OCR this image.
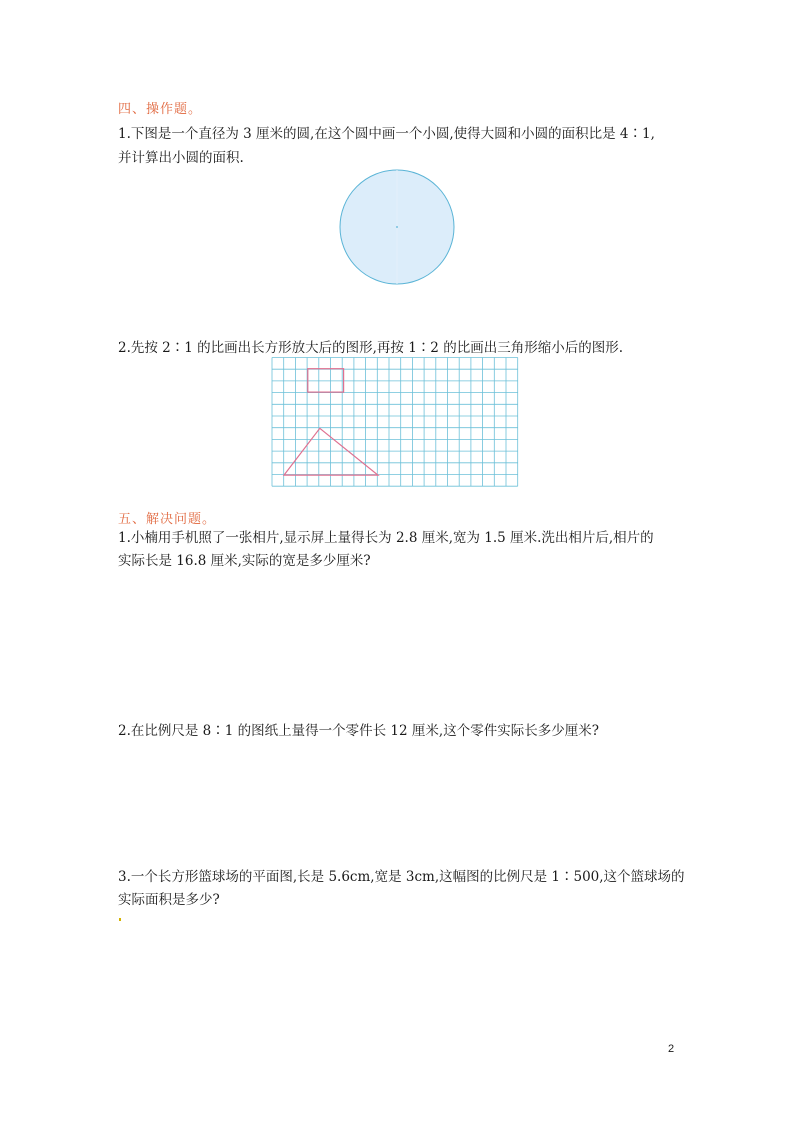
四、操作题。
1.下图是一个直径为 3 厘米的圆,在这个圆中画一个小圆,使得大圆和小圆的面积比是 4∶1,
并计算出小圆的面积.
2.先按 2∶1 的比画出长方形放大后的图形,再按 1∶2 的比画出三角形缩小后的图形.
五、解决问题。
1.小楠用手机照了一张相片,显示屏上量得长为 2.8 厘米,宽为 1.5 厘米.洗出相片后,相片的
实际长是 16.8 厘米,实际的宽是多少厘米?
2.在比例尺是 8∶1 的图纸上量得一个零件长 12 厘米,这个零件实际长多少厘米?
3.一个长方形篮球场的平面图,长是 5.6cm,宽是 3cm,这幅图的比例尺是 1∶500,这个篮球场的
实际面积是多少?
2
